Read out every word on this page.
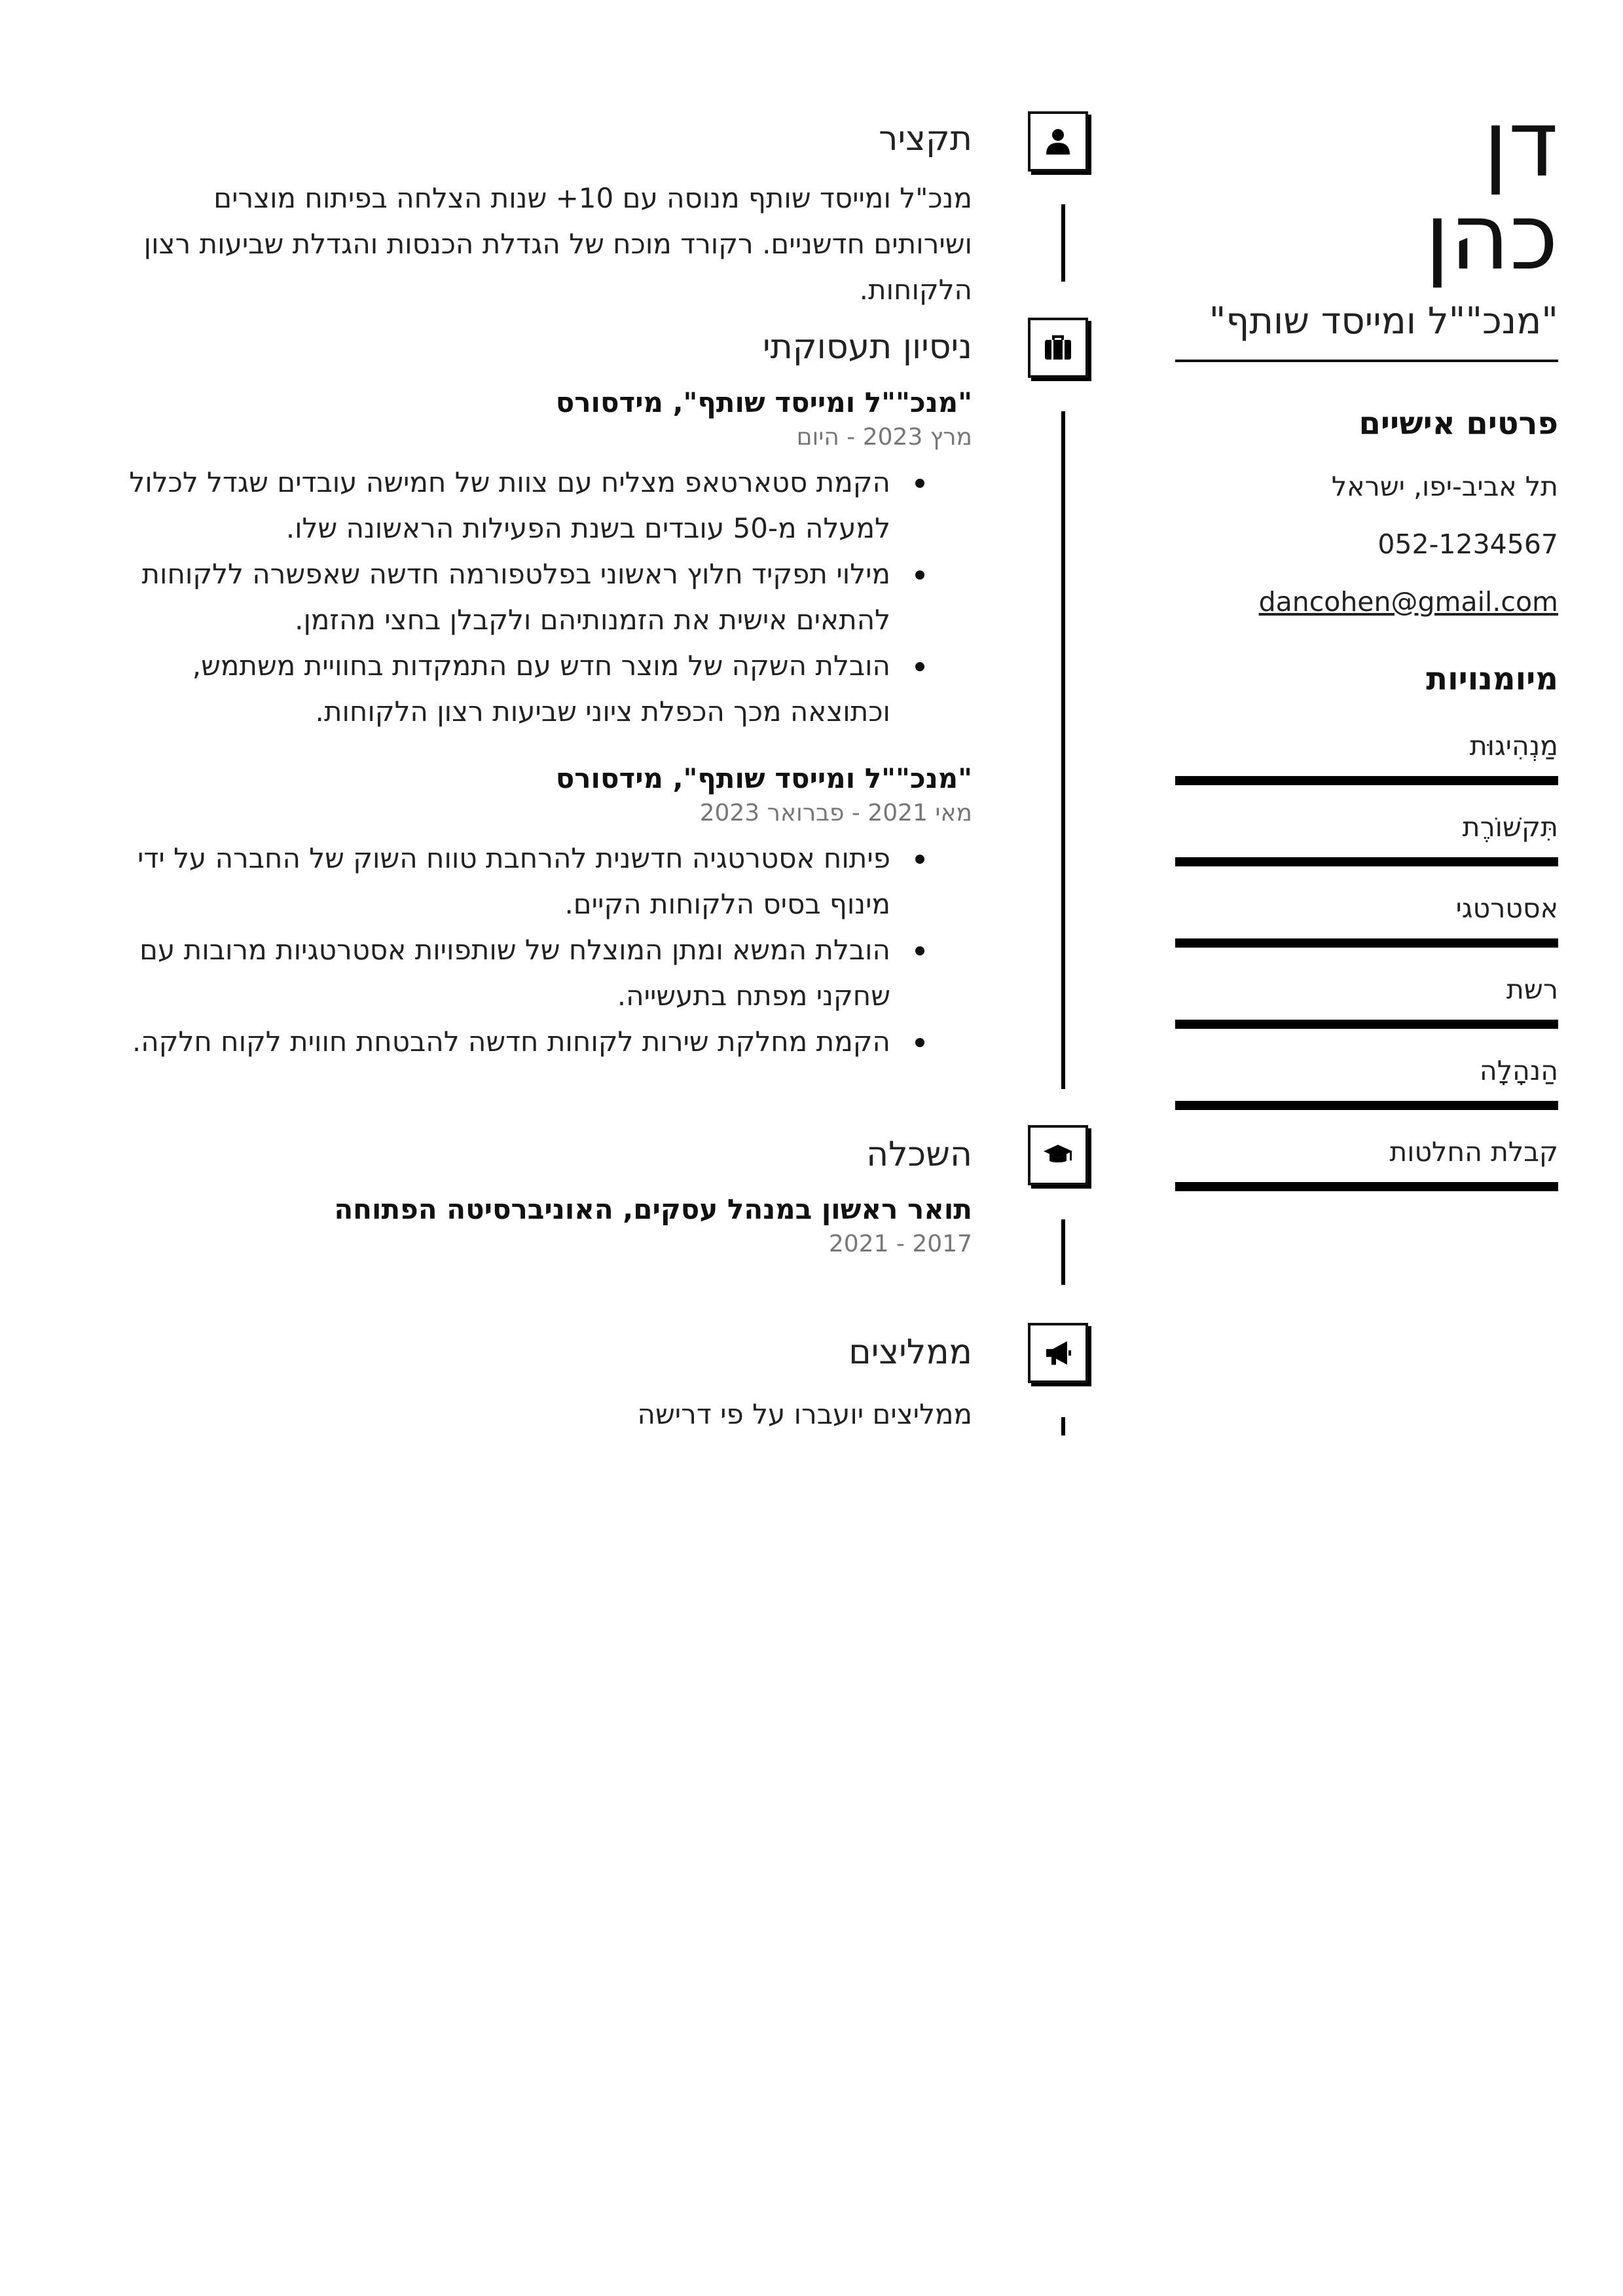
דן
כהן
"מנכ""ל ומייסד שותף"
פרטים אישיים
תל אביב-יפו, ישראל
052-1234567
dancohen@gmail.com
מיומנויות
מַנְהִיגוּת
תִּקשׁוֹרֶת
אסטרטגי
רשת
הַנהָלָה
קבלת החלטות
תקציר
מנכ"ל ומייסד שותף מנוסה עם 10+ שנות הצלחה בפיתוח מוצרים ושירותים חדשניים. רקורד מוכח של הגדלת הכנסות והגדלת שביעות רצון הלקוחות.
ניסיון תעסוקתי
"מנכ""ל ומייסד שותף", מידסורס
מרץ 2023 - היום
הקמת סטארטאפ מצליח עם צוות של חמישה עובדים שגדל לכלול למעלה מ-50 עובדים בשנת הפעילות הראשונה שלו.
מילוי תפקיד חלוץ ראשוני בפלטפורמה חדשה שאפשרה ללקוחות להתאים אישית את הזמנותיהם ולקבלן בחצי מהזמן.
הובלת השקה של מוצר חדש עם התמקדות בחוויית משתמש, וכתוצאה מכך הכפלת ציוני שביעות רצון הלקוחות.
"מנכ""ל ומייסד שותף", מידסורס
מאי 2021 - פברואר 2023
פיתוח אסטרטגיה חדשנית להרחבת טווח השוק של החברה על ידי מינוף בסיס הלקוחות הקיים.
הובלת המשא ומתן המוצלח של שותפויות אסטרטגיות מרובות עם שחקני מפתח בתעשייה.
הקמת מחלקת שירות לקוחות חדשה להבטחת חווית לקוח חלקה.
השכלה
תואר ראשון במנהל עסקים, האוניברסיטה הפתוחה
2017 - 2021
ממליצים
ממליצים יועברו על פי דרישה
